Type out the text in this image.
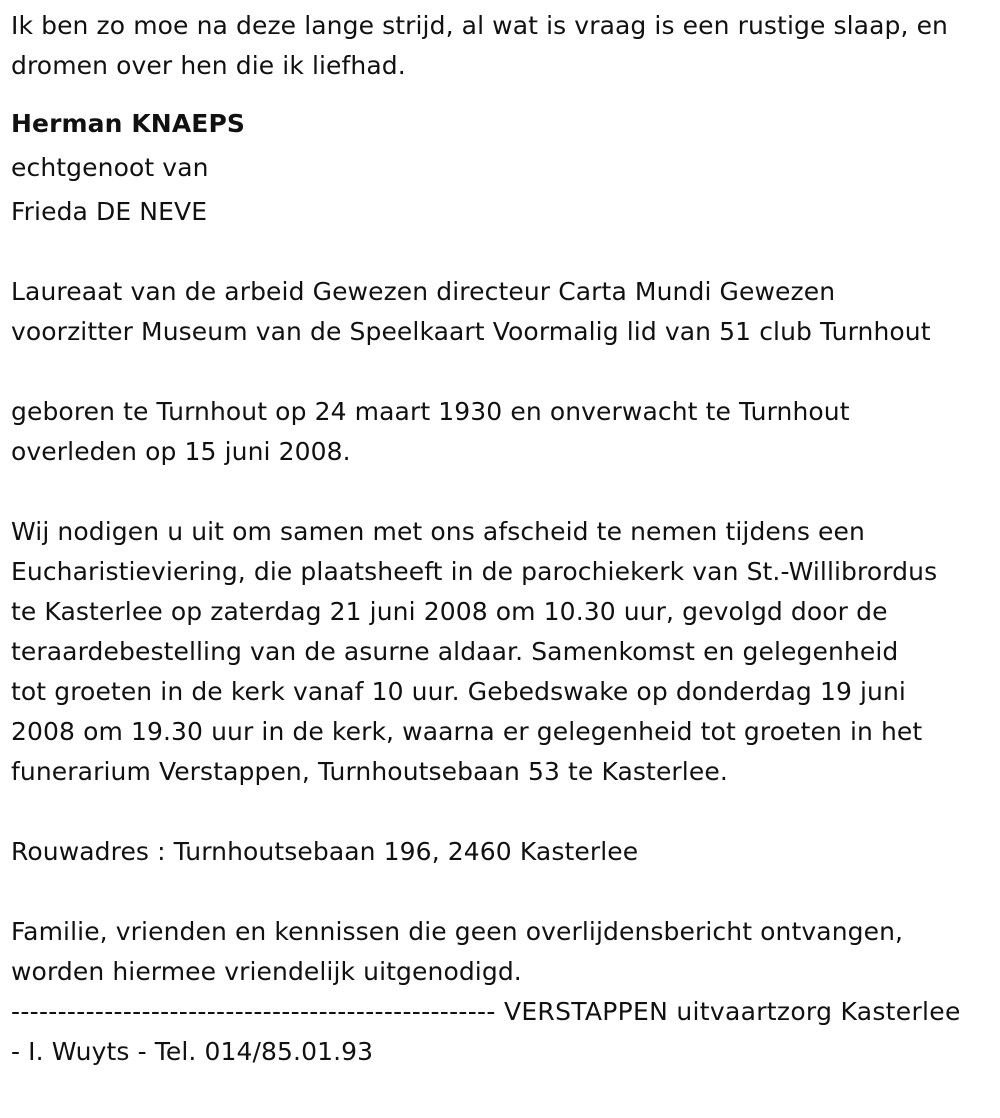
Ik ben zo moe na deze lange strijd, al wat is vraag is een rustige slaap, en

dromen over hen die ik liefhad.

Herman KNAEPS

echtgenoot van

Frieda DE NEVE

Laureaat van de arbeid Gewezen directeur Carta Mundi Gewezen

voorzitter Museum van de Speelkaart Voormalig lid van 51 club Turnhout

geboren te Turnhout op 24 maart 1930 en onverwacht te Turnhout

overleden op 15 juni 2008.

Wij nodigen u uit om samen met ons afscheid te nemen tijdens een

Eucharistieviering, die plaatsheeft in de parochiekerk van St.-Willibrordus

te Kasterlee op zaterdag 21 juni 2008 om 10.30 uur, gevolgd door de

teraardebestelling van de asurne aldaar. Samenkomst en gelegenheid

tot groeten in de kerk vanaf 10 uur. Gebedswake op donderdag 19 juni

2008 om 19.30 uur in de kerk, waarna er gelegenheid tot groeten in het

funerarium Verstappen, Turnhoutsebaan 53 te Kasterlee.

Rouwadres : Turnhoutsebaan 196, 2460 Kasterlee

Familie, vrienden en kennissen die geen overlijdensbericht ontvangen,

worden hiermee vriendelijk uitgenodigd.

---------------------------------------------------- VERSTAPPEN uitvaartzorg Kasterlee

- I. Wuyts - Tel. 014/85.01.93
